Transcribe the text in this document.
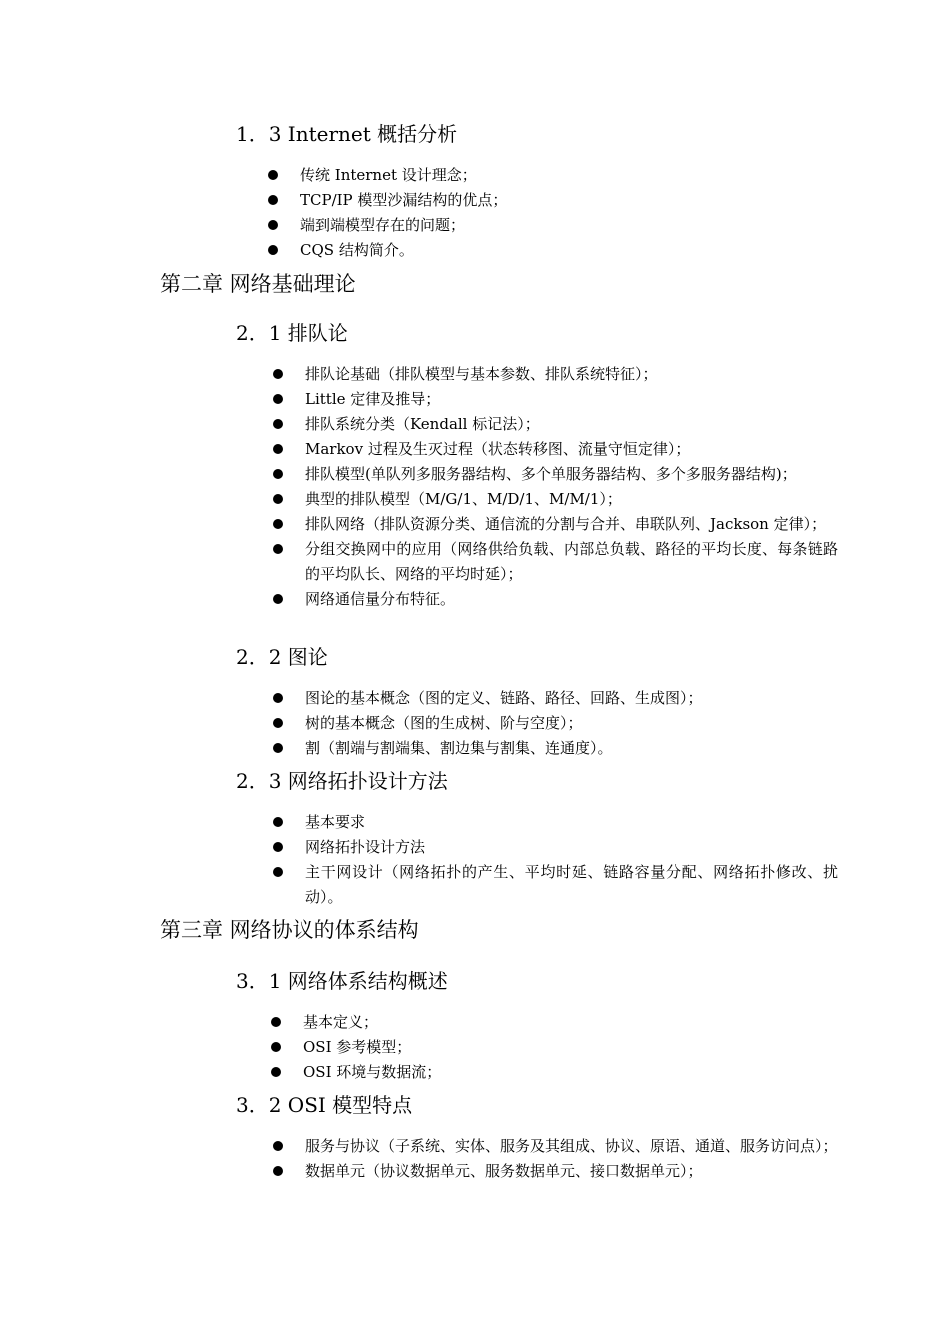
1．3 Internet 概括分析
传统 Internet 设计理念；
TCP/IP 模型沙漏结构的优点；
端到端模型存在的问题；
CQS 结构简介。
第二章 网络基础理论
2．1 排队论
排队论基础（排队模型与基本参数、排队系统特征）；
Little 定律及推导；
排队系统分类（Kendall 标记法）；
Markov 过程及生灭过程（状态转移图、流量守恒定律）；
排队模型(单队列多服务器结构、多个单服务器结构、多个多服务器结构)；
典型的排队模型（M/G/1、M/D/1、M/M/1）；
排队网络（排队资源分类、通信流的分割与合并、串联队列、Jackson 定律）；
分组交换网中的应用（网络供给负载、内部总负载、路径的平均长度、每条链路的平均队长、网络的平均时延）；
网络通信量分布特征。
2．2 图论
图论的基本概念（图的定义、链路、路径、回路、生成图）；
树的基本概念（图的生成树、阶与空度）；
割（割端与割端集、割边集与割集、连通度）。
2．3 网络拓扑设计方法
基本要求
网络拓扑设计方法
主干网设计（网络拓扑的产生、平均时延、链路容量分配、网络拓扑修改、扰动）。
第三章 网络协议的体系结构
3．1 网络体系结构概述
基本定义；
OSI 参考模型；
OSI 环境与数据流；
3．2 OSI 模型特点
服务与协议（子系统、实体、服务及其组成、协议、原语、通道、服务访问点）；
数据单元（协议数据单元、服务数据单元、接口数据单元）；
